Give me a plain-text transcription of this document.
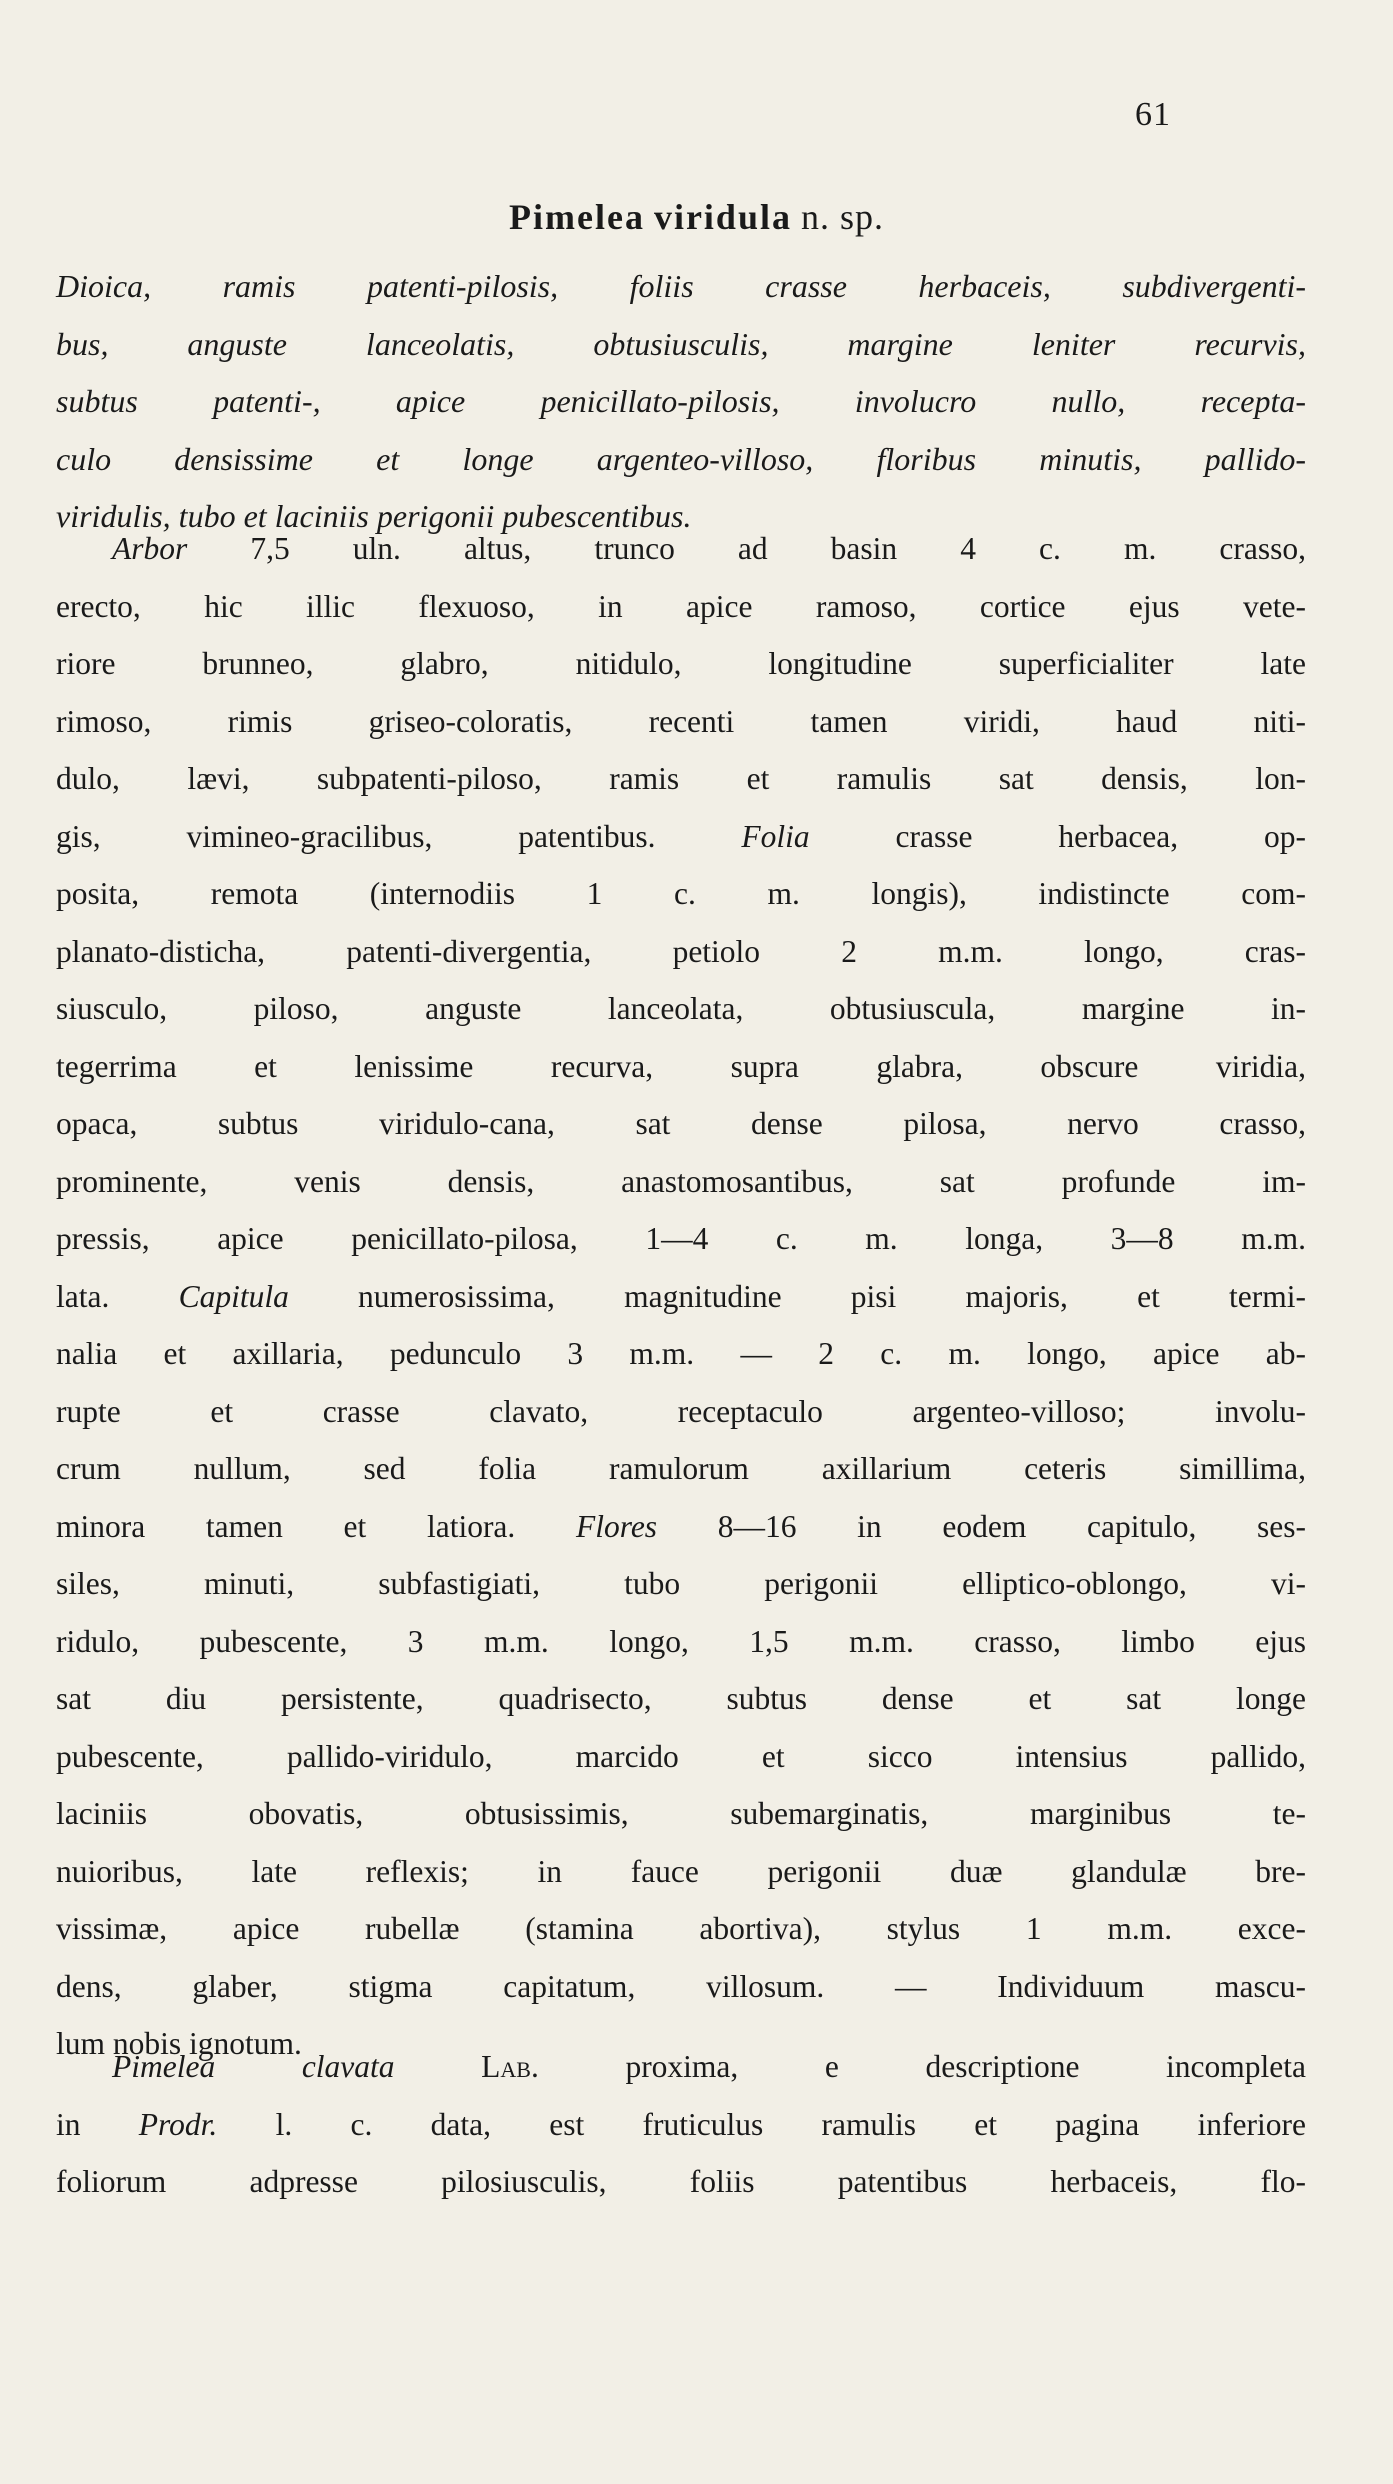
61
Pimelea viridula n. sp.
Dioica, ramis patenti-pilosis, foliis crasse herbaceis, subdivergenti-
bus, anguste lanceolatis, obtusiusculis, margine leniter recurvis,
subtus patenti-, apice penicillato-pilosis, involucro nullo, recepta-
culo densissime et longe argenteo-villoso, floribus minutis, pallido-
viridulis, tubo et laciniis perigonii pubescentibus.
Arbor 7,5 uln. altus, trunco ad basin 4 c. m. crasso,
erecto, hic illic flexuoso, in apice ramoso, cortice ejus vete-
riore brunneo, glabro, nitidulo, longitudine superficialiter late
rimoso, rimis griseo-coloratis, recenti tamen viridi, haud niti-
dulo, lævi, subpatenti-piloso, ramis et ramulis sat densis, lon-
gis, vimineo-gracilibus, patentibus. Folia crasse herbacea, op-
posita, remota (internodiis 1 c. m. longis), indistincte com-
planato-disticha, patenti-divergentia, petiolo 2 m.m. longo, cras-
siusculo, piloso, anguste lanceolata, obtusiuscula, margine in-
tegerrima et lenissime recurva, supra glabra, obscure viridia,
opaca, subtus viridulo-cana, sat dense pilosa, nervo crasso,
prominente, venis densis, anastomosantibus, sat profunde im-
pressis, apice penicillato-pilosa, 1—4 c. m. longa, 3—8 m.m.
lata. Capitula numerosissima, magnitudine pisi majoris, et termi-
nalia et axillaria, pedunculo 3 m.m. — 2 c. m. longo, apice ab-
rupte et crasse clavato, receptaculo argenteo-villoso; involu-
crum nullum, sed folia ramulorum axillarium ceteris simillima,
minora tamen et latiora. Flores 8—16 in eodem capitulo, ses-
siles, minuti, subfastigiati, tubo perigonii elliptico-oblongo, vi-
ridulo, pubescente, 3 m.m. longo, 1,5 m.m. crasso, limbo ejus
sat diu persistente, quadrisecto, subtus dense et sat longe
pubescente, pallido-viridulo, marcido et sicco intensius pallido,
laciniis obovatis, obtusissimis, subemarginatis, marginibus te-
nuioribus, late reflexis; in fauce perigonii duæ glandulæ bre-
vissimæ, apice rubellæ (stamina abortiva), stylus 1 m.m. exce-
dens, glaber, stigma capitatum, villosum. — Individuum mascu-
lum nobis ignotum.
Pimelea clavata	Lab. proxima, e descriptione incompleta
in Prodr. l. c. data, est fruticulus ramulis et pagina inferiore
foliorum adpresse pilosiusculis, foliis patentibus herbaceis, flo-
